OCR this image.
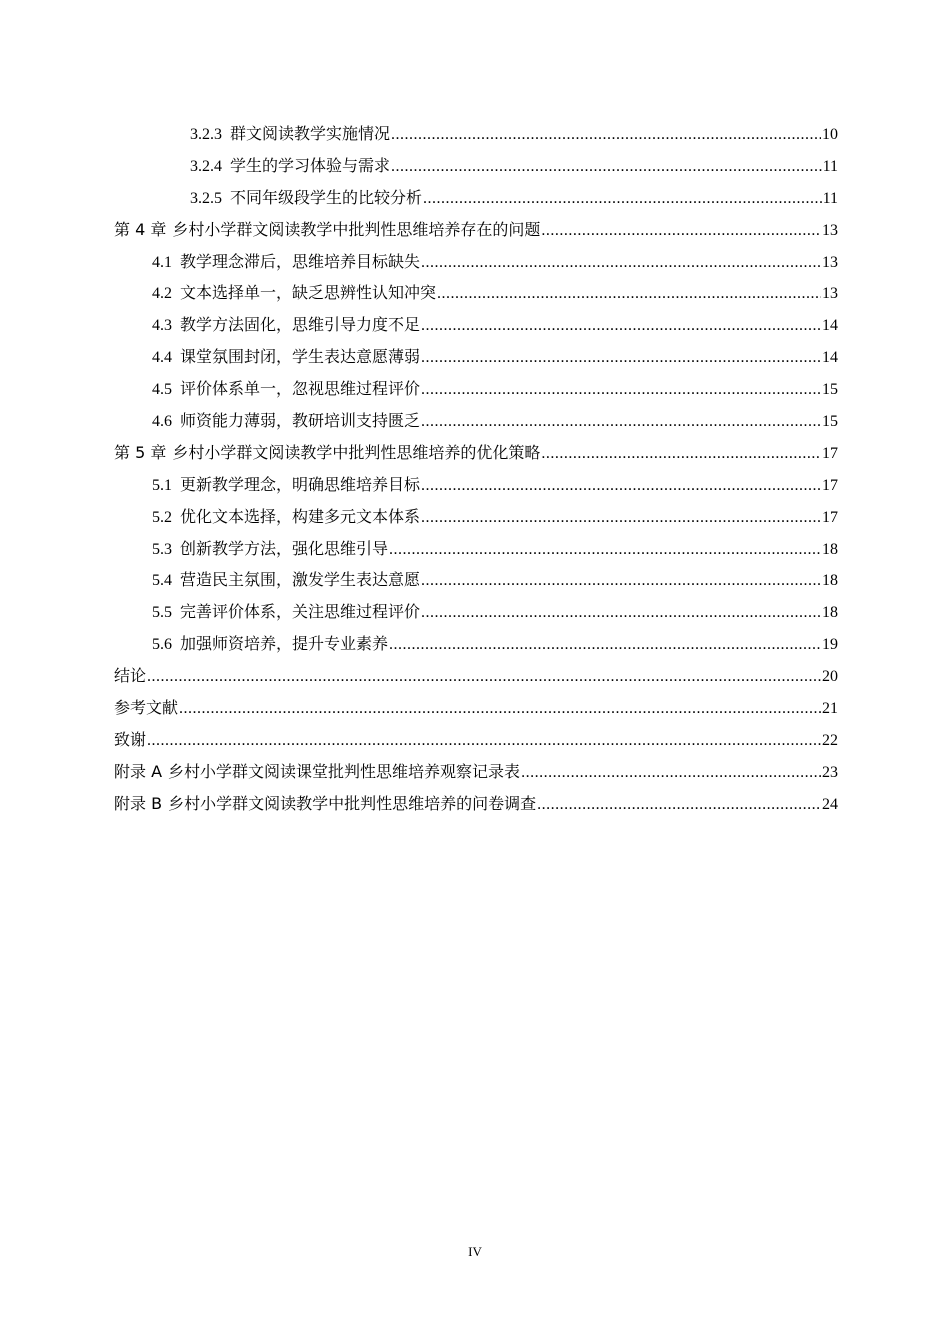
3.2.3 群文阅读教学实施情况 .....	10
3.2.4 学生的学习体验与需求 .....	11
3.2.5 不同年级段学生的比较分析 .....	11
第 4 章 乡村小学群文阅读教学中批判性思维培养存在的问题 .....	13
4.1 教学理念滞后，思维培养目标缺失 .....	13
4.2 文本选择单一，缺乏思辨性认知冲突 .....	13
4.3 教学方法固化，思维引导力度不足 .....	14
4.4 课堂氛围封闭，学生表达意愿薄弱 .....	14
4.5 评价体系单一，忽视思维过程评价 .....	15
4.6 师资能力薄弱，教研培训支持匮乏 .....	15
第 5 章 乡村小学群文阅读教学中批判性思维培养的优化策略 .....	17
5.1 更新教学理念，明确思维培养目标 .....	17
5.2 优化文本选择，构建多元文本体系 .....	17
5.3 创新教学方法，强化思维引导 .....	18
5.4 营造民主氛围，激发学生表达意愿 .....	18
5.5 完善评价体系，关注思维过程评价 .....	18
5.6 加强师资培养，提升专业素养 .....	19
结论 .....	20
参考文献 .....	21
致谢 .....	22
附录 A 乡村小学群文阅读课堂批判性思维培养观察记录表 .....	23
附录 B 乡村小学群文阅读教学中批判性思维培养的问卷调查 .....	24
IV
